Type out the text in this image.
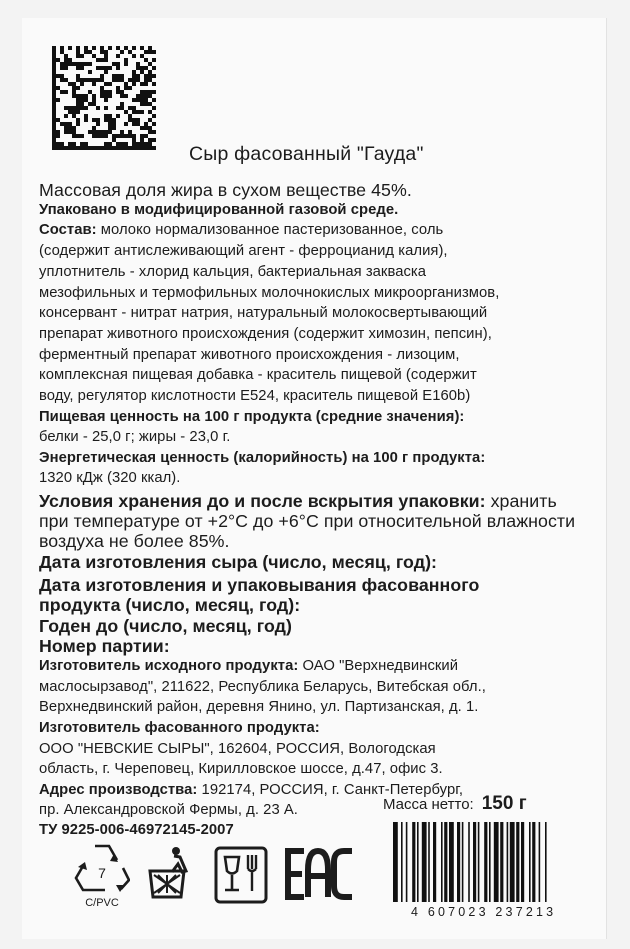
Сыр фасованный "Гауда"
Массовая доля жира в сухом веществе 45%.
Упаковано в модифицированной газовой среде.
Состав: молоко нормализованное пастеризованное, соль
(содержит антислеживающий агент - ферроцианид калия),
уплотнитель - хлорид кальция, бактериальная закваска
мезофильных и термофильных молочнокислых микроорганизмов,
консервант - нитрат натрия, натуральный молокосвертывающий
препарат животного происхождения (содержит химозин, пепсин),
ферментный препарат животного происхождения - лизоцим,
комплексная пищевая добавка - краситель пищевой (содержит
воду, регулятор кислотности Е524, краситель пищевой Е160b)
Пищевая ценность на 100 г продукта (средние значения):
белки - 25,0 г; жиры - 23,0 г.
Энергетическая ценность (калорийность) на 100 г продукта:
1320 кДж (320 ккал).
Условия хранения до и после вскрытия упаковки: хранить
при температуре от +2°С до +6°С при относительной влажности
воздуха не более 85%.
Дата изготовления сыра (число, месяц, год):
Дата изготовления и упаковывания фасованного
продукта (число, месяц, год):
Годен до (число, месяц, год)
Номер партии:
Изготовитель исходного продукта: ОАО "Верхнедвинский
маслосырзавод", 211622, Республика Беларусь, Витебская обл.,
Верхнедвинский район, деревня Янино, ул. Партизанская, д. 1.
Изготовитель фасованного продукта:
ООО "НЕВСКИЕ СЫРЫ", 162604, РОССИЯ, Вологодская
область, г. Череповец, Кирилловское шоссе, д.47, офис 3.
Адрес производства: 192174, РОССИЯ, г. Санкт-Петербург,
пр. Александровской Фермы, д. 23 А.
ТУ 9225-006-46972145-2007
Масса нетто: 150 г
7
C/PVC
EAC
4 607023 237213
